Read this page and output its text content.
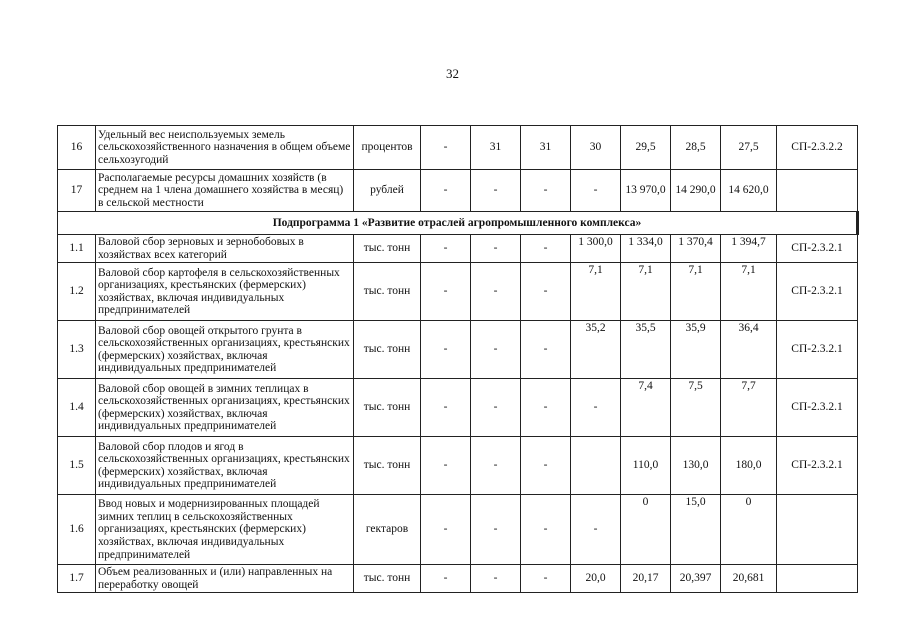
32
16	Удельный вес неиспользуемых земель сельскохозяйственного назначения в общем объеме сельхозугодий	процентов	-	31	31	30	29,5	28,5	27,5	СП-2.3.2.2
17	Располагаемые ресурсы домашних хозяйств (в среднем на 1 члена домашнего хозяйства в месяц) в сельской местности	рублей	-	-	-	-	13 970,0	14 290,0	14 620,0	
Подпрограмма 1 «Развитие отраслей агропромышленного комплекса»										
1.1	Валовой сбор зерновых и зернобобовых в хозяйствах всех категорий	тыс. тонн	-	-	-	1 300,0	1 334,0	1 370,4	1 394,7	СП-2.3.2.1
1.2	Валовой сбор картофеля в сельскохозяйственных организациях, крестьянских (фермерских) хозяйствах, включая индивидуальных предпринимателей	тыс. тонн	-	-	-	7,1	7,1	7,1	7,1	СП-2.3.2.1
1.3	Валовой сбор овощей открытого грунта в сельскохозяйственных организациях, крестьянских (фермерских) хозяйствах, включая индивидуальных предпринимателей	тыс. тонн	-	-	-	35,2	35,5	35,9	36,4	СП-2.3.2.1
1.4	Валовой сбор овощей в зимних теплицах в сельскохозяйственных организациях, крестьянских (фермерских) хозяйствах, включая индивидуальных предпринимателей	тыс. тонн	-	-	-	-	7,4	7,5	7,7	СП-2.3.2.1
1.5	Валовой сбор плодов и ягод в сельскохозяйственных организациях, крестьянских (фермерских) хозяйствах, включая индивидуальных предпринимателей	тыс. тонн	-	-	-		110,0	130,0	180,0	СП-2.3.2.1
1.6	Ввод новых и модернизированных площадей зимних теплиц в сельскохозяйственных организациях, крестьянских (фермерских) хозяйствах, включая индивидуальных предпринимателей	гектаров	-	-	-	-	0	15,0	0	
1.7	Объем реализованных и (или) направленных на переработку овощей	тыс. тонн	-	-	-	20,0	20,17	20,397	20,681	
